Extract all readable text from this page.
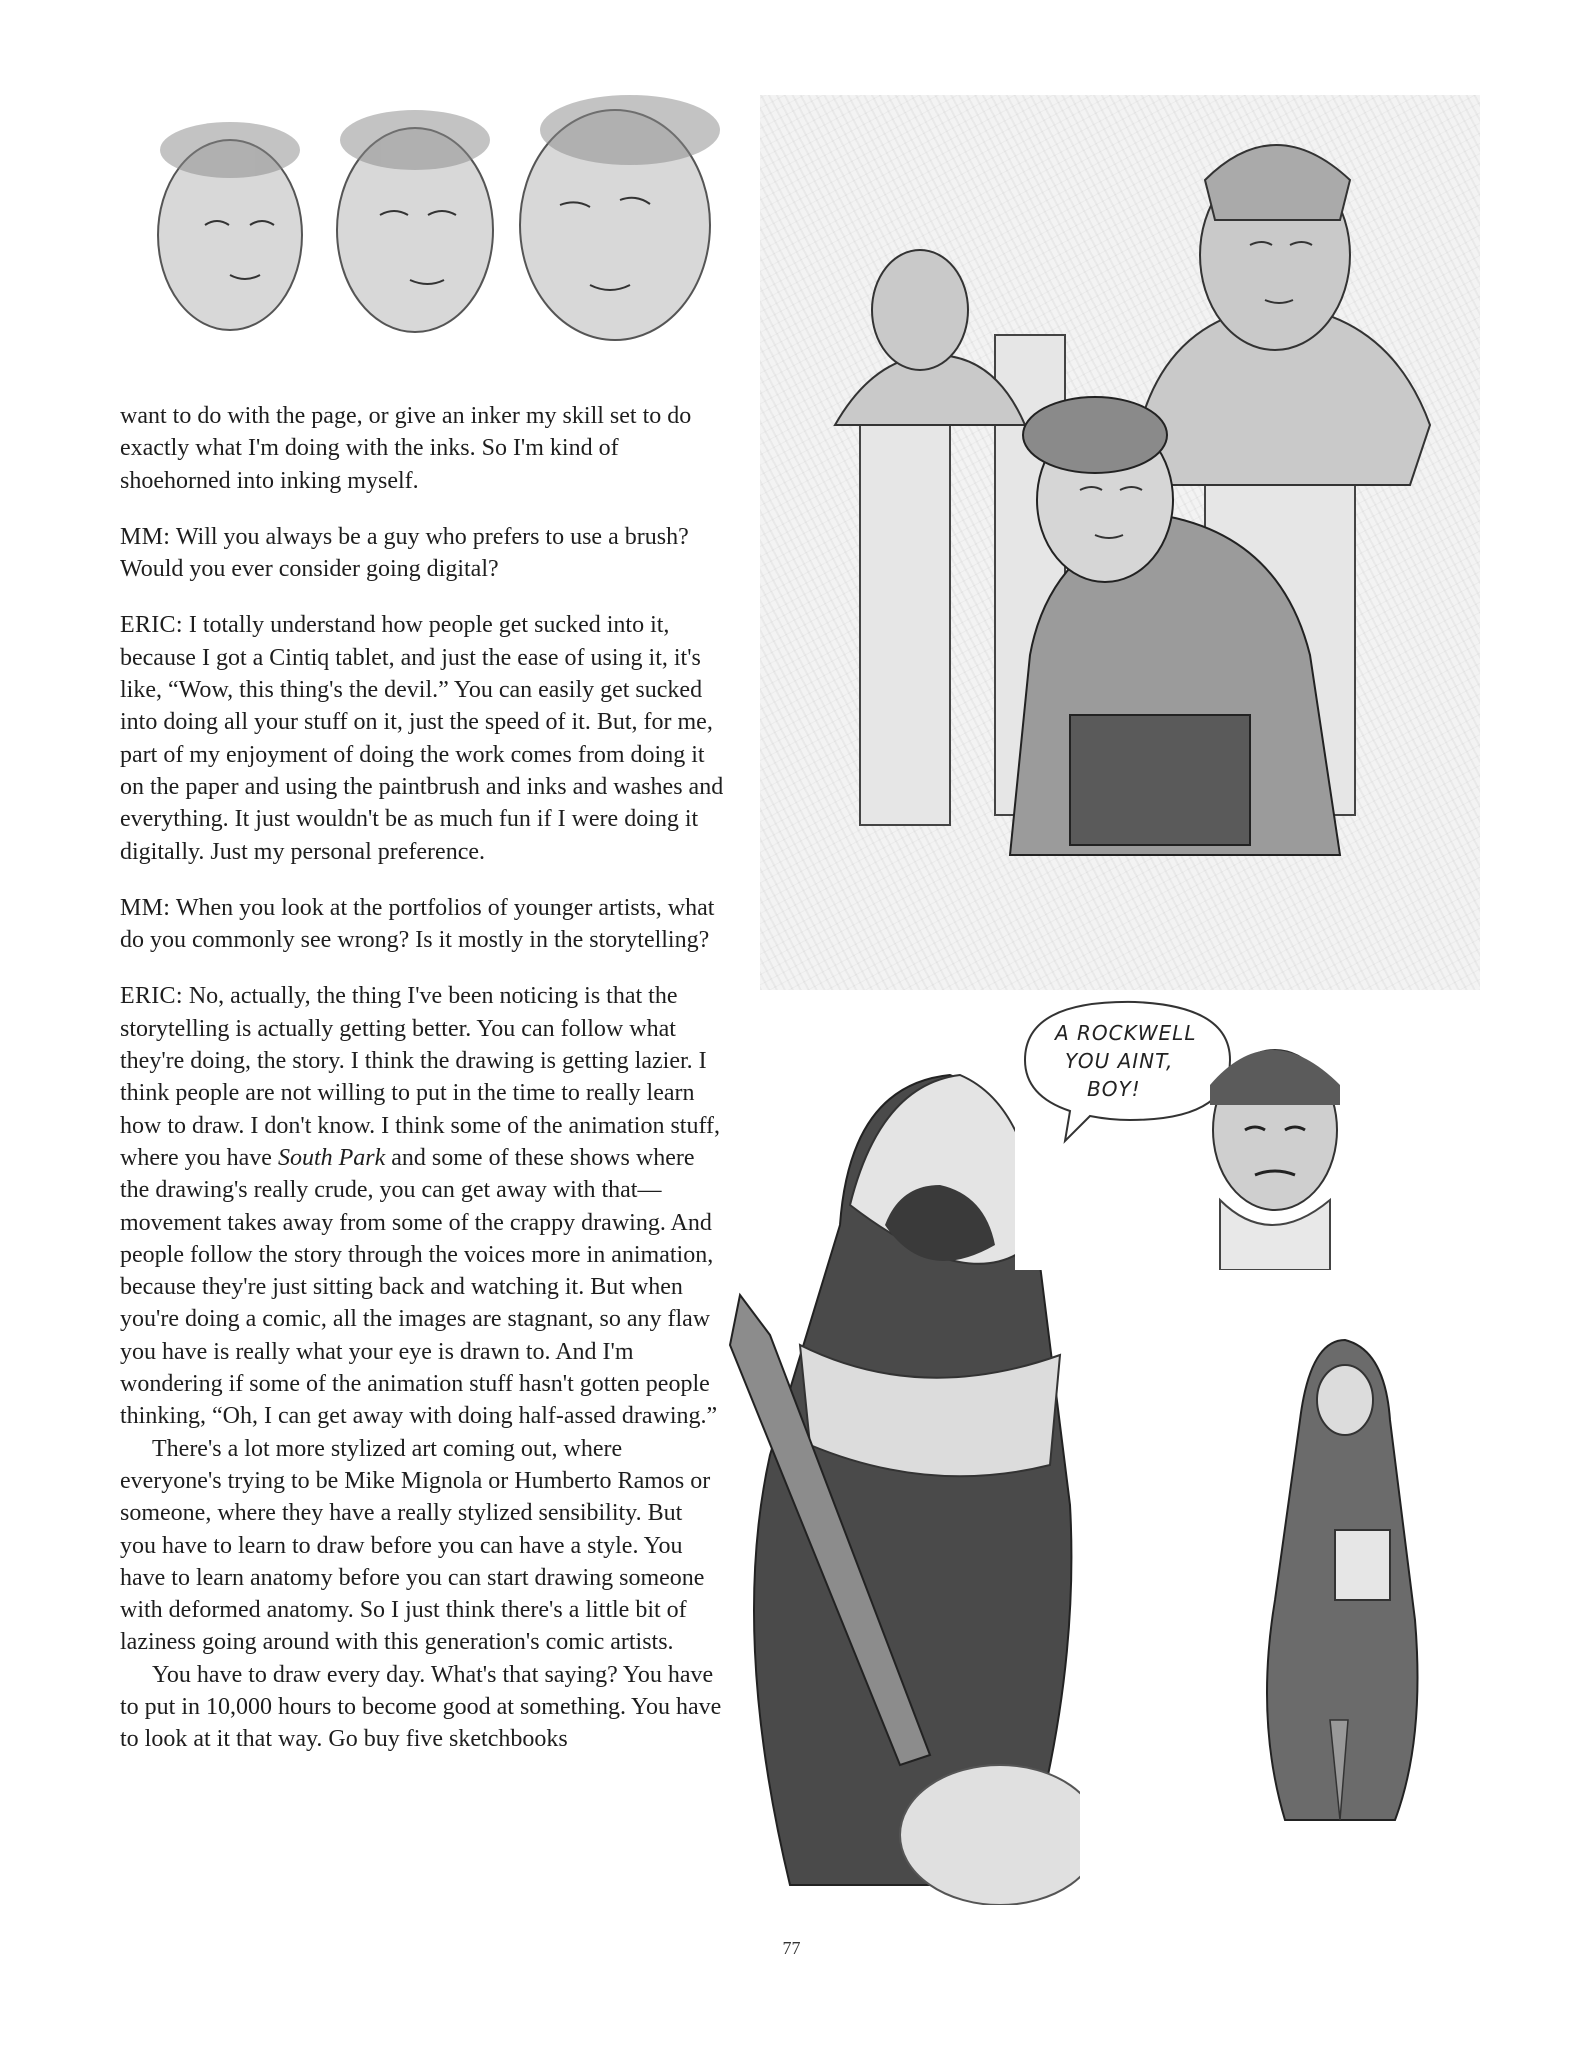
A ROCKWELL
YOU AINT,
BOY!

want to do with the page, or give an inker my skill set to do exactly what I'm doing with the inks. So I'm kind of shoehorned into inking myself.

MM: Will you always be a guy who prefers to use a brush? Would you ever consider going digital?

ERIC: I totally understand how people get sucked into it, because I got a Cintiq tablet, and just the ease of using it, it's like, “Wow, this thing's the devil.” You can easily get sucked into doing all your stuff on it, just the speed of it. But, for me, part of my enjoyment of doing the work comes from doing it on the paper and using the paintbrush and inks and washes and everything. It just wouldn't be as much fun if I were doing it digitally. Just my personal preference.

MM: When you look at the portfolios of younger artists, what do you commonly see wrong? Is it mostly in the storytelling?

ERIC: No, actually, the thing I've been noticing is that the storytelling is actually getting better. You can follow what they're doing, the story. I think the drawing is getting lazier. I think people are not willing to put in the time to really learn how to draw. I don't know. I think some of the animation stuff, where you have South Park and some of these shows where the drawing's really crude, you can get away with that—movement takes away from some of the crappy drawing. And people follow the story through the voices more in animation, because they're just sitting back and watching it. But when you're doing a comic, all the images are stagnant, so any flaw you have is really what your eye is drawn to. And I'm wondering if some of the animation stuff hasn't gotten people thinking, “Oh, I can get away with doing half-assed drawing.”

There's a lot more stylized art coming out, where everyone's trying to be Mike Mignola or Humberto Ramos or someone, where they have a really stylized sensibility. But you have to learn to draw before you can have a style. You have to learn anatomy before you can start drawing someone with deformed anatomy. So I just think there's a little bit of laziness going around with this generation's comic artists.

You have to draw every day. What's that saying? You have to put in 10,000 hours to become good at something. You have to look at it that way. Go buy five sketchbooks

77
